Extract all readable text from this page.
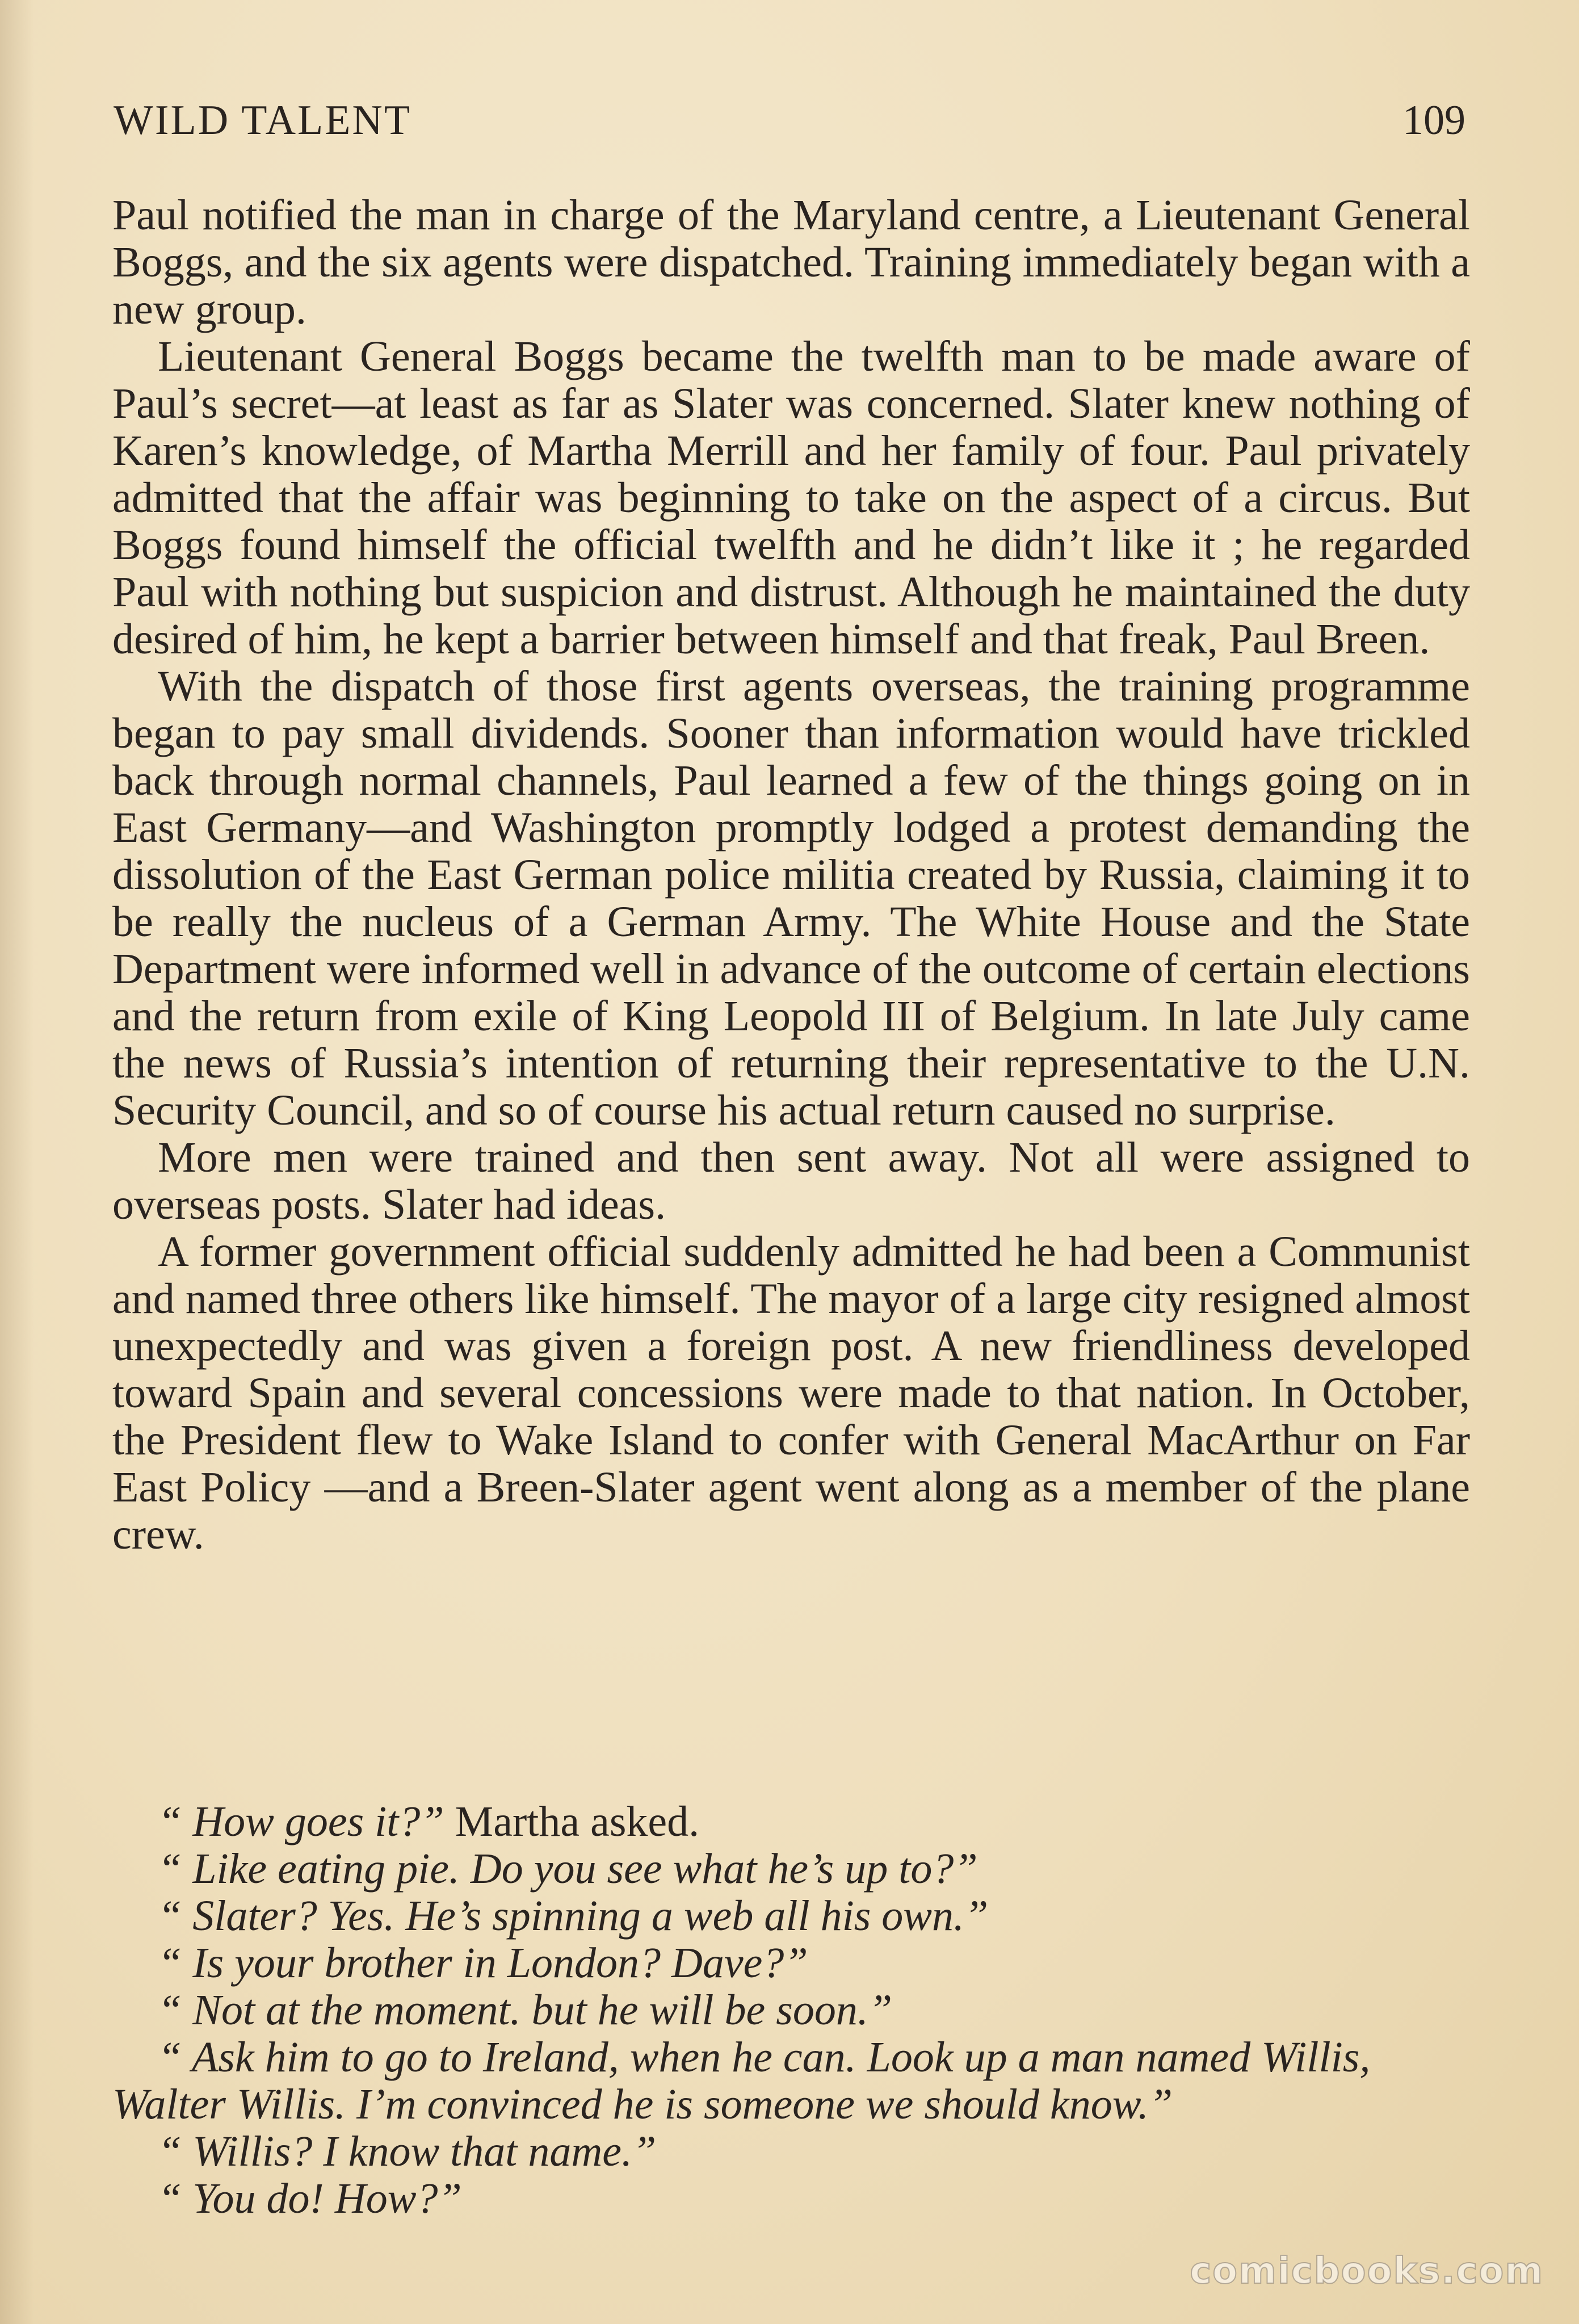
WILD TALENT	109

Paul notified the man in charge of the Maryland centre, a Lieutenant General Boggs, and the six agents were dispatched. Training immediately began with a new group.

Lieutenant General Boggs became the twelfth man to be made aware of Paul’s secret—at least as far as Slater was concerned. Slater knew nothing of Karen’s knowledge, of Martha Merrill and her family of four. Paul privately admitted that the affair was beginning to take on the aspect of a circus. But Boggs found himself the official twelfth and he didn’t like it ; he regarded Paul with nothing but suspicion and distrust. Although he maintained the duty desired of him, he kept a barrier between himself and that freak, Paul Breen.

With the dispatch of those first agents overseas, the training programme began to pay small dividends. Sooner than information would have trickled back through normal channels, Paul learned a few of the things going on in East Germany—and Washington promptly lodged a protest demanding the dissolution of the East German police militia created by Russia, claiming it to be really the nucleus of a German Army. The White House and the State Department were informed well in advance of the outcome of certain elections and the return from exile of King Leopold III of Belgium. In late July came the news of Russia’s intention of returning their representative to the U.N. Security Council, and so of course his actual return caused no surprise.

More men were trained and then sent away. Not all were assigned to overseas posts. Slater had ideas.

A former government official suddenly admitted he had been a Communist and named three others like himself. The mayor of a large city resigned almost unexpectedly and was given a foreign post. A new friendliness developed toward Spain and several concessions were made to that nation. In October, the President flew to Wake Island to confer with General MacArthur on Far East Policy —and a Breen-Slater agent went along as a member of the plane crew.

“ How goes it?” Martha asked.

“ Like eating pie. Do you see what he’s up to?”

“ Slater? Yes. He’s spinning a web all his own.”

“ Is your brother in London? Dave?”

“ Not at the moment. but he will be soon.”

“ Ask him to go to Ireland, when he can. Look up a man named Willis, Walter Willis. I’m convinced he is someone we should know.”

“ Willis? I know that name.”

“ You do! How?”

comicbooks.com
